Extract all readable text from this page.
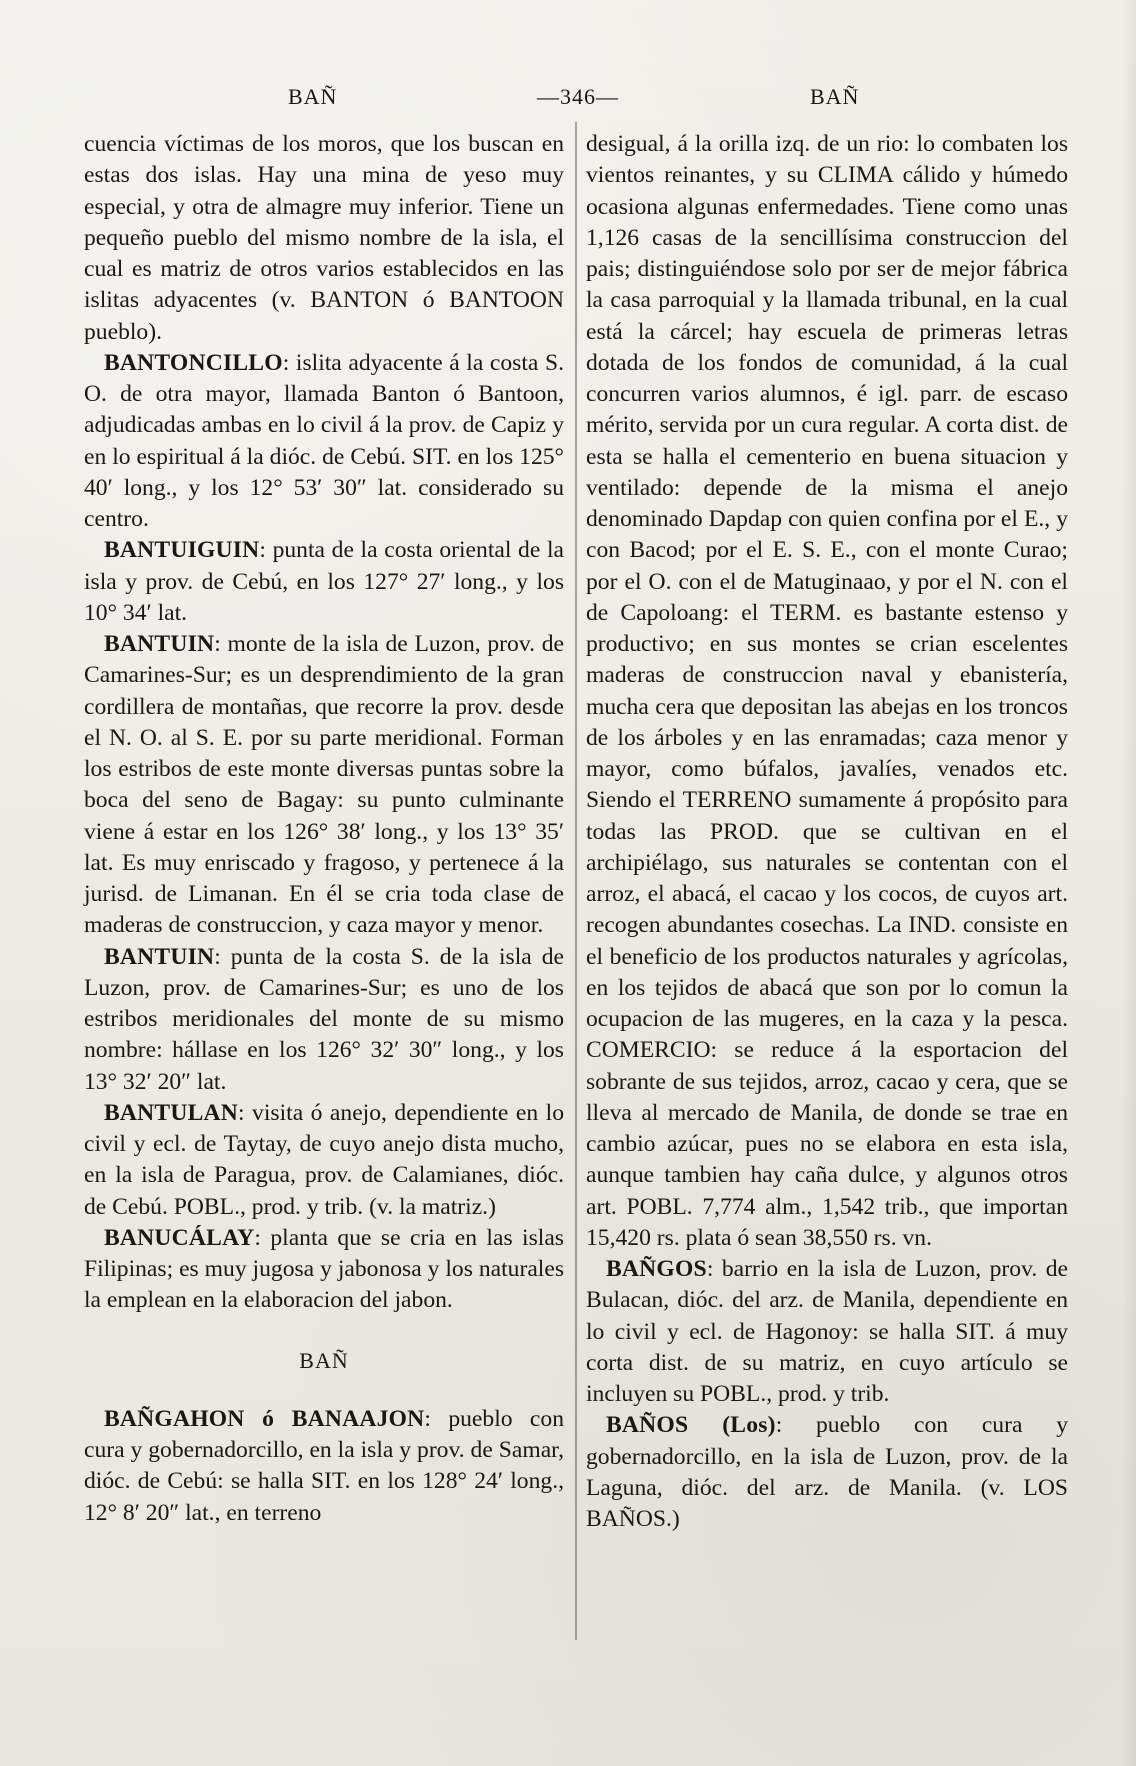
BAÑ	—346—	BAÑ

cuencia víctimas de los moros, que los buscan en estas dos islas. Hay una mina de yeso muy especial, y otra de almagre muy inferior. Tiene un pequeño pueblo del mismo nombre de la isla, el cual es matriz de otros varios establecidos en las islitas adyacentes (v. BANTON ó BANTOON pueblo).

BANTONCILLO: islita adyacente á la costa S. O. de otra mayor, llamada Banton ó Bantoon, adjudicadas ambas en lo civil á la prov. de Capiz y en lo espiritual á la dióc. de Cebú. SIT. en los 125° 40′ long., y los 12° 53′ 30″ lat. considerado su centro.

BANTUIGUIN: punta de la costa oriental de la isla y prov. de Cebú, en los 127° 27′ long., y los 10° 34′ lat.

BANTUIN: monte de la isla de Luzon, prov. de Camarines-Sur; es un desprendimiento de la gran cordillera de montañas, que recorre la prov. desde el N. O. al S. E. por su parte meridional. Forman los estribos de este monte diversas puntas sobre la boca del seno de Bagay: su punto culminante viene á estar en los 126° 38′ long., y los 13° 35′ lat. Es muy enriscado y fragoso, y pertenece á la jurisd. de Limanan. En él se cria toda clase de maderas de construccion, y caza mayor y menor.

BANTUIN: punta de la costa S. de la isla de Luzon, prov. de Camarines-Sur; es uno de los estribos meridionales del monte de su mismo nombre: hállase en los 126° 32′ 30″ long., y los 13° 32′ 20″ lat.

BANTULAN: visita ó anejo, dependiente en lo civil y ecl. de Taytay, de cuyo anejo dista mucho, en la isla de Paragua, prov. de Calamianes, dióc. de Cebú. POBL., prod. y trib. (v. la matriz.)

BANUCÁLAY: planta que se cria en las islas Filipinas; es muy jugosa y jabonosa y los naturales la emplean en la elaboracion del jabon.

BAÑ

BAÑGAHON ó BANAAJON: pueblo con cura y gobernadorcillo, en la isla y prov. de Samar, dióc. de Cebú: se halla SIT. en los 128° 24′ long., 12° 8′ 20″ lat., en terreno

desigual, á la orilla izq. de un rio: lo combaten los vientos reinantes, y su CLIMA cálido y húmedo ocasiona algunas enfermedades. Tiene como unas 1,126 casas de la sencillísima construccion del pais; distinguiéndose solo por ser de mejor fábrica la casa parroquial y la llamada tribunal, en la cual está la cárcel; hay escuela de primeras letras dotada de los fondos de comunidad, á la cual concurren varios alumnos, é igl. parr. de escaso mérito, servida por un cura regular. A corta dist. de esta se halla el cementerio en buena situacion y ventilado: depende de la misma el anejo denominado Dapdap con quien confina por el E., y con Bacod; por el E. S. E., con el monte Curao; por el O. con el de Matuginaao, y por el N. con el de Capoloang: el TERM. es bastante estenso y productivo; en sus montes se crian escelentes maderas de construccion naval y ebanistería, mucha cera que depositan las abejas en los troncos de los árboles y en las enramadas; caza menor y mayor, como búfalos, javalíes, venados etc. Siendo el TERRENO sumamente á propósito para todas las PROD. que se cultivan en el archipiélago, sus naturales se contentan con el arroz, el abacá, el cacao y los cocos, de cuyos art. recogen abundantes cosechas. La IND. consiste en el beneficio de los productos naturales y agrícolas, en los tejidos de abacá que son por lo comun la ocupacion de las mugeres, en la caza y la pesca. COMERCIO: se reduce á la esportacion del sobrante de sus tejidos, arroz, cacao y cera, que se lleva al mercado de Manila, de donde se trae en cambio azúcar, pues no se elabora en esta isla, aunque tambien hay caña dulce, y algunos otros art. POBL. 7,774 alm., 1,542 trib., que importan 15,420 rs. plata ó sean 38,550 rs. vn.

BAÑGOS: barrio en la isla de Luzon, prov. de Bulacan, dióc. del arz. de Manila, dependiente en lo civil y ecl. de Hagonoy: se halla SIT. á muy corta dist. de su matriz, en cuyo artículo se incluyen su POBL., prod. y trib.

BAÑOS (Los): pueblo con cura y gobernadorcillo, en la isla de Luzon, prov. de la Laguna, dióc. del arz. de Manila. (v. LOS BAÑOS.)
